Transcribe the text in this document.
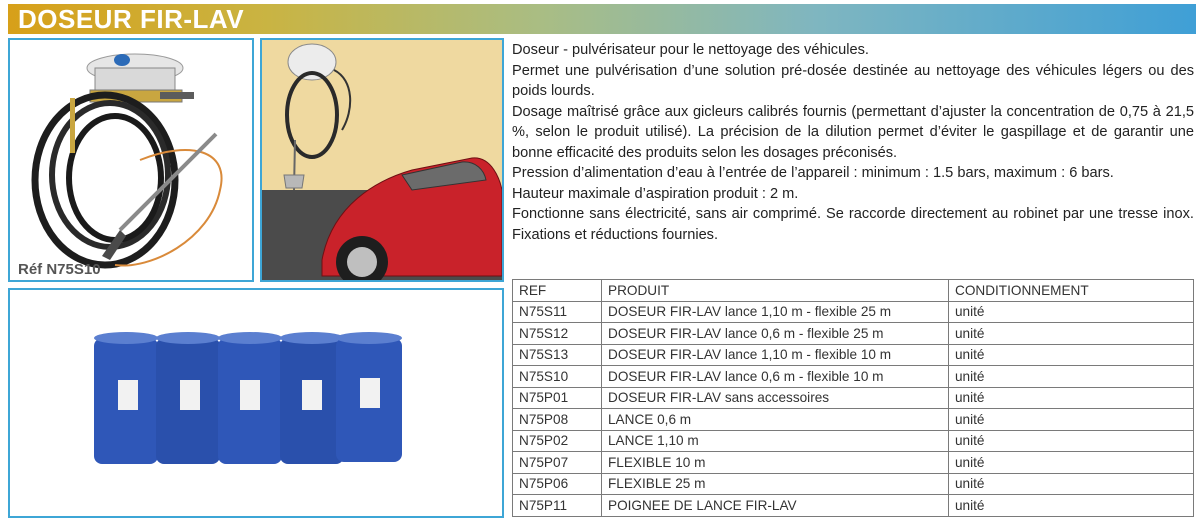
DOSEUR FIR-LAV
Réf N75S10

Doseur - pulvérisateur pour le nettoyage des véhicules.

Permet une pulvérisation d’une solution pré-dosée destinée au nettoyage des véhicules légers ou des poids lourds.

Dosage maîtrisé grâce aux gicleurs calibrés fournis (permettant d’ajuster la concentration de 0,75 à 21,5 %, selon le produit utilisé). La précision de la dilution permet d’éviter le gaspillage et de garantir une bonne efficacité des produits selon les dosages préconisés.

Pression d’alimentation d’eau à l’entrée de l’appareil : minimum : 1.5 bars, maximum : 6 bars.

Hauteur maximale d’aspiration produit : 2 m.

Fonctionne sans électricité, sans air comprimé. Se raccorde directement au robinet par une tresse inox. Fixations et réductions fournies.

REF	PRODUIT	CONDITIONNEMENT
N75S11	DOSEUR FIR-LAV lance 1,10 m - flexible 25 m	unité
N75S12	DOSEUR FIR-LAV lance 0,6 m - flexible 25 m	unité
N75S13	DOSEUR FIR-LAV lance 1,10 m - flexible 10 m	unité
N75S10	DOSEUR FIR-LAV lance 0,6 m - flexible 10 m	unité
N75P01	DOSEUR FIR-LAV sans accessoires	unité
N75P08	LANCE 0,6 m	unité
N75P02	LANCE 1,10 m	unité
N75P07	FLEXIBLE 10 m	unité
N75P06	FLEXIBLE 25 m	unité
N75P11	POIGNEE DE LANCE FIR-LAV	unité
